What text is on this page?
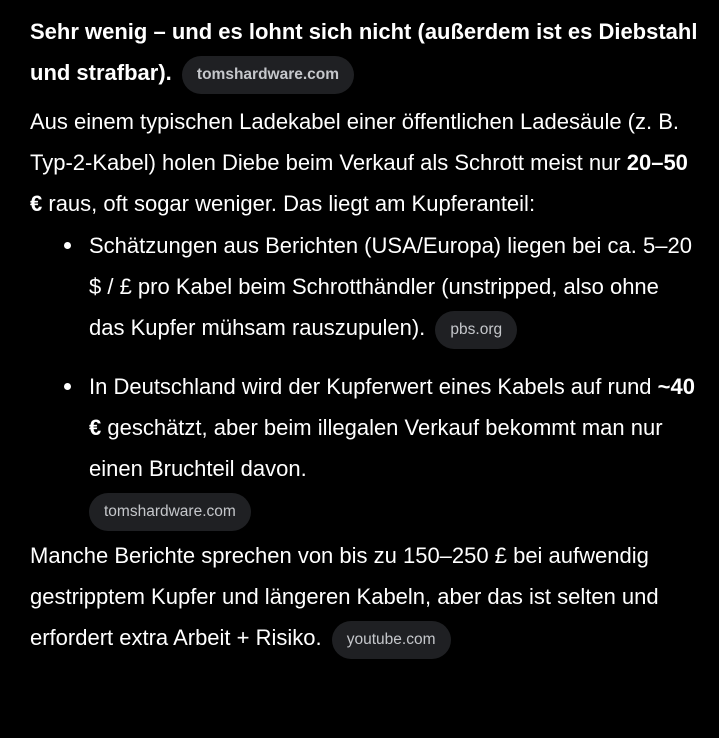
Sehr wenig – und es lohnt sich nicht (außerdem ist es Diebstahl und strafbar). tomshardware.com

Aus einem typischen Ladekabel einer öffentlichen Ladesäule (z. B. Typ-2-Kabel) holen Diebe beim Verkauf als Schrott meist nur 20–50 € raus, oft sogar weniger. Das liegt am Kupferanteil:

Schätzungen aus Berichten (USA/Europa) liegen bei ca. 5–20 $ / £ pro Kabel beim Schrotthändler (unstripped, also ohne das Kupfer mühsam rauszupulen). pbs.org
In Deutschland wird der Kupferwert eines Kabels auf rund ~40 € geschätzt, aber beim illegalen Verkauf bekommt man nur einen Bruchteil davon.
tomshardware.com

Manche Berichte sprechen von bis zu 150–250 £ bei aufwendig gestripptem Kupfer und längeren Kabeln, aber das ist selten und erfordert extra Arbeit + Risiko. youtube.com
